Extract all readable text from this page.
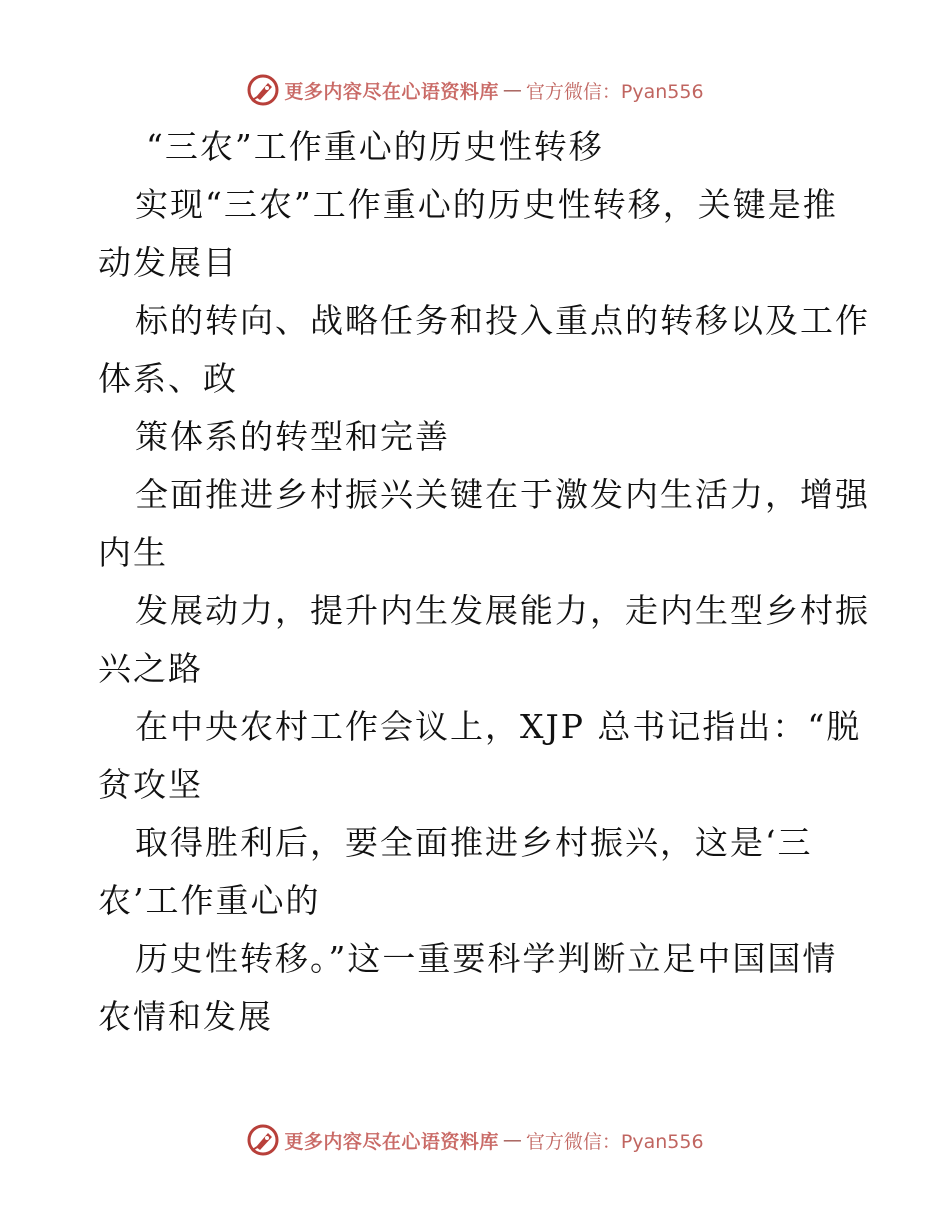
更多内容尽在心语资料库 — 官方微信：Pyan556
“三农”工作重心的历史性转移
实现“三农”工作重心的历史性转移，关键是推
动发展目
标的转向、战略任务和投入重点的转移以及工作
体系、政
策体系的转型和完善
全面推进乡村振兴关键在于激发内生活力，增强
内生
发展动力，提升内生发展能力，走内生型乡村振
兴之路
在中央农村工作会议上，XJP 总书记指出：“脱
贫攻坚
取得胜利后，要全面推进乡村振兴，这是‘三
农’工作重心的
历史性转移。”这一重要科学判断立足中国国情
农情和发展
更多内容尽在心语资料库 — 官方微信：Pyan556
